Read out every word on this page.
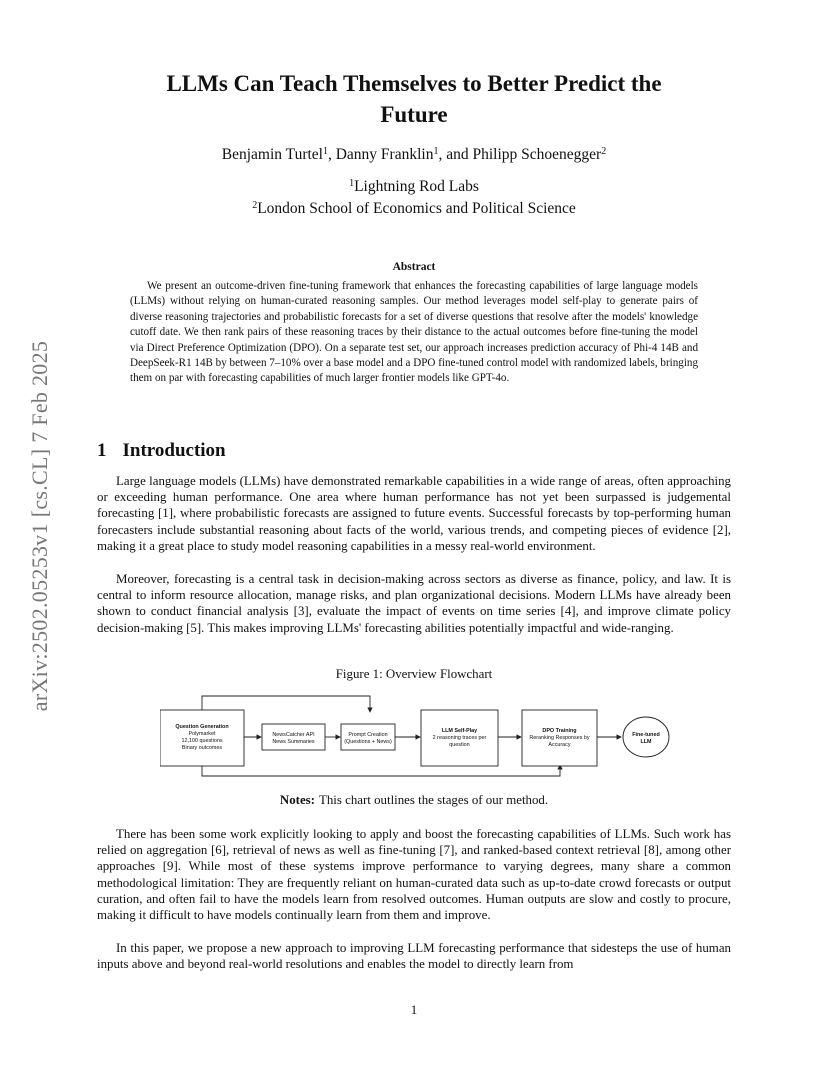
arXiv:2502.05253v1 [cs.CL] 7 Feb 2025
LLMs Can Teach Themselves to Better Predict the
Future
Benjamin Turtel$^1$, Danny Franklin$^1$, and Philipp Schoenegger$^2$
$^1$Lightning Rod Labs
$^2$London School of Economics and Political Science
Abstract

We present an outcome-driven fine-tuning framework that enhances the forecasting capabilities of large language models (LLMs) without relying on human-curated reasoning samples. Our method leverages model self-play to generate pairs of diverse reasoning trajectories and probabilistic forecasts for a set of diverse questions that resolve after the models' knowledge cutoff date. We then rank pairs of these reasoning traces by their distance to the actual outcomes before fine-tuning the model via Direct Preference Optimization (DPO). On a separate test set, our approach increases prediction accuracy of Phi-4 14B and DeepSeek-R1 14B by between 7–10% over a base model and a DPO fine-tuned control model with randomized labels, bringing them on par with forecasting capabilities of much larger frontier models like GPT-4o.

1 Introduction

Large language models (LLMs) have demonstrated remarkable capabilities in a wide range of areas, often approaching or exceeding human performance. One area where human performance has not yet been surpassed is judgemental forecasting [1], where probabilistic forecasts are assigned to future events. Successful forecasts by top-performing human forecasters include substantial reasoning about facts of the world, various trends, and competing pieces of evidence [2], making it a great place to study model reasoning capabilities in a messy real-world environment.

Moreover, forecasting is a central task in decision-making across sectors as diverse as finance, policy, and law. It is central to inform resource allocation, manage risks, and plan organizational decisions. Modern LLMs have already been shown to conduct financial analysis [3], evaluate the impact of events on time series [4], and improve climate policy decision-making [5]. This makes improving LLMs' forecasting abilities potentially impactful and wide-ranging.

Figure 1: Overview Flowchart
Question Generation
Polymarket
12,100 questions
Binary outcomes
NewsCatcher API
News Summaries
Prompt Creation
(Questions + News)
LLM Self-Play
2 reasoning traces per
question
DPO Training
Reranking Responses by
Accuracy
Fine-tuned
LLM
Notes: This chart outlines the stages of our method.

There has been some work explicitly looking to apply and boost the forecasting capabilities of LLMs. Such work has relied on aggregation [6], retrieval of news as well as fine-tuning [7], and ranked-based context retrieval [8], among other approaches [9]. While most of these systems improve performance to varying degrees, many share a common methodological limitation: They are frequently reliant on human-curated data such as up-to-date crowd forecasts or output curation, and often fail to have the models learn from resolved outcomes. Human outputs are slow and costly to procure, making it difficult to have models continually learn from them and improve.

In this paper, we propose a new approach to improving LLM forecasting performance that sidesteps the use of human inputs above and beyond real-world resolutions and enables the model to directly learn from

1
